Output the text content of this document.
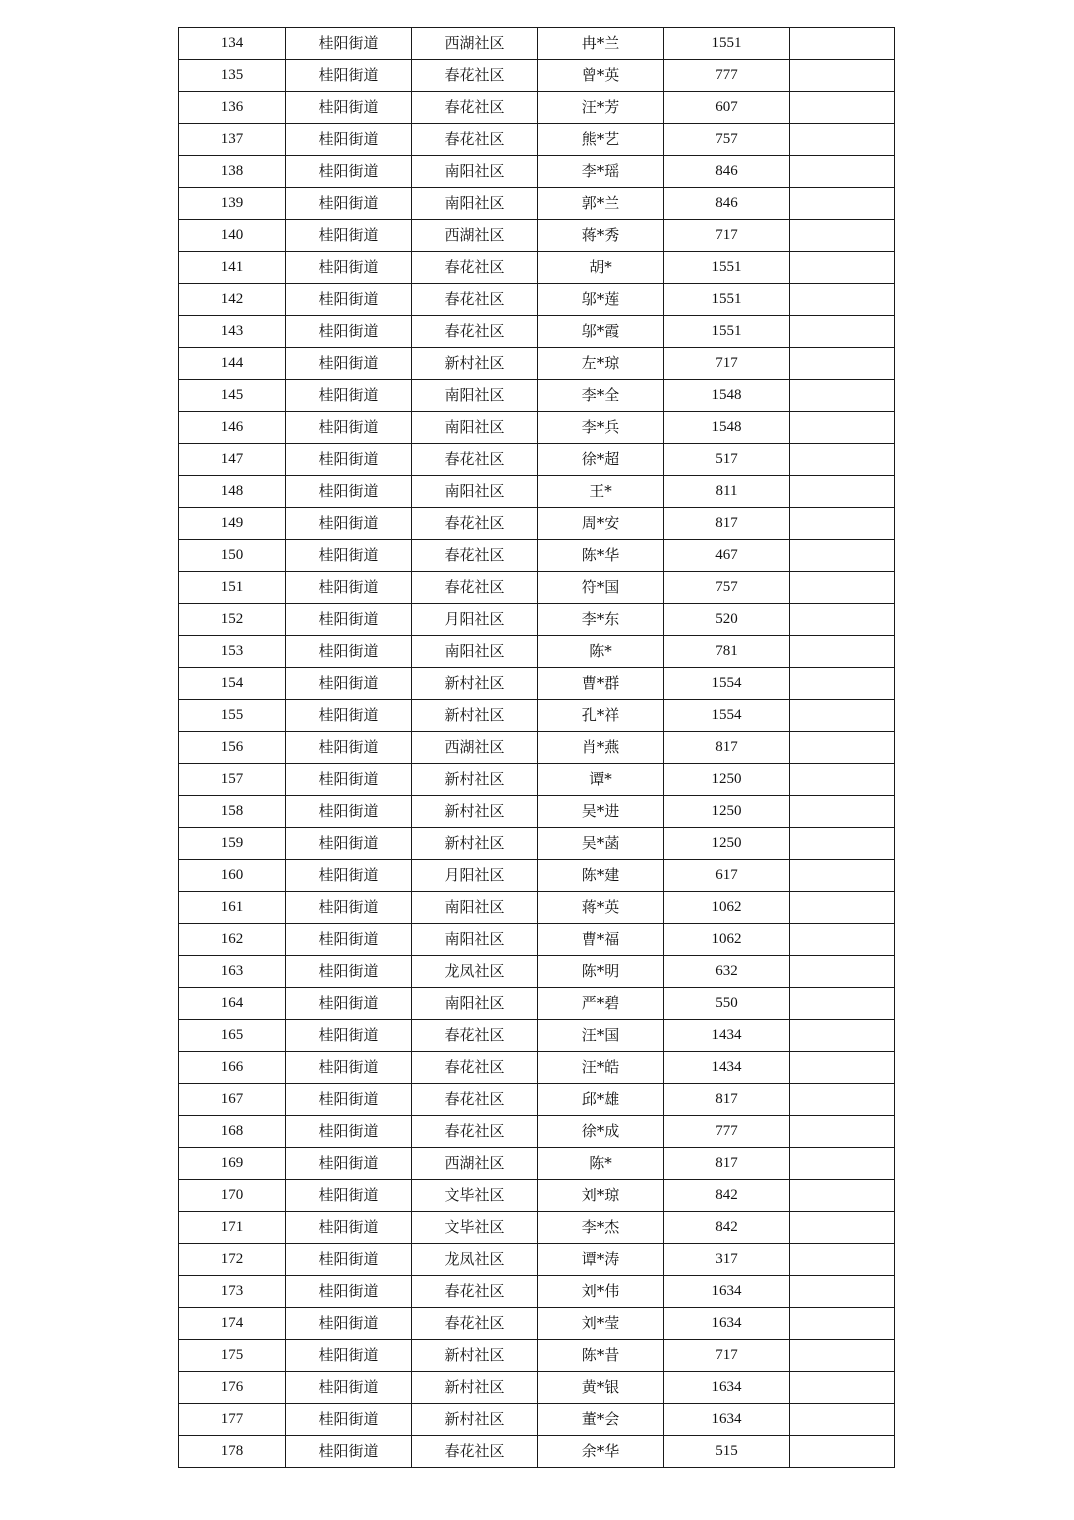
134	桂阳街道	西湖社区	冉*兰	1551	
135	桂阳街道	春花社区	曾*英	777	
136	桂阳街道	春花社区	汪*芳	607	
137	桂阳街道	春花社区	熊*艺	757	
138	桂阳街道	南阳社区	李*瑶	846	
139	桂阳街道	南阳社区	郭*兰	846	
140	桂阳街道	西湖社区	蒋*秀	717	
141	桂阳街道	春花社区	胡*	1551	
142	桂阳街道	春花社区	邬*莲	1551	
143	桂阳街道	春花社区	邬*霞	1551	
144	桂阳街道	新村社区	左*琼	717	
145	桂阳街道	南阳社区	李*全	1548	
146	桂阳街道	南阳社区	李*兵	1548	
147	桂阳街道	春花社区	徐*超	517	
148	桂阳街道	南阳社区	王*	811	
149	桂阳街道	春花社区	周*安	817	
150	桂阳街道	春花社区	陈*华	467	
151	桂阳街道	春花社区	符*国	757	
152	桂阳街道	月阳社区	李*东	520	
153	桂阳街道	南阳社区	陈*	781	
154	桂阳街道	新村社区	曹*群	1554	
155	桂阳街道	新村社区	孔*祥	1554	
156	桂阳街道	西湖社区	肖*燕	817	
157	桂阳街道	新村社区	谭*	1250	
158	桂阳街道	新村社区	吴*进	1250	
159	桂阳街道	新村社区	吴*菡	1250	
160	桂阳街道	月阳社区	陈*建	617	
161	桂阳街道	南阳社区	蒋*英	1062	
162	桂阳街道	南阳社区	曹*福	1062	
163	桂阳街道	龙凤社区	陈*明	632	
164	桂阳街道	南阳社区	严*碧	550	
165	桂阳街道	春花社区	汪*国	1434	
166	桂阳街道	春花社区	汪*皓	1434	
167	桂阳街道	春花社区	邱*雄	817	
168	桂阳街道	春花社区	徐*成	777	
169	桂阳街道	西湖社区	陈*	817	
170	桂阳街道	文毕社区	刘*琼	842	
171	桂阳街道	文毕社区	李*杰	842	
172	桂阳街道	龙凤社区	谭*涛	317	
173	桂阳街道	春花社区	刘*伟	1634	
174	桂阳街道	春花社区	刘*莹	1634	
175	桂阳街道	新村社区	陈*昔	717	
176	桂阳街道	新村社区	黄*银	1634	
177	桂阳街道	新村社区	董*会	1634	
178	桂阳街道	春花社区	余*华	515	
